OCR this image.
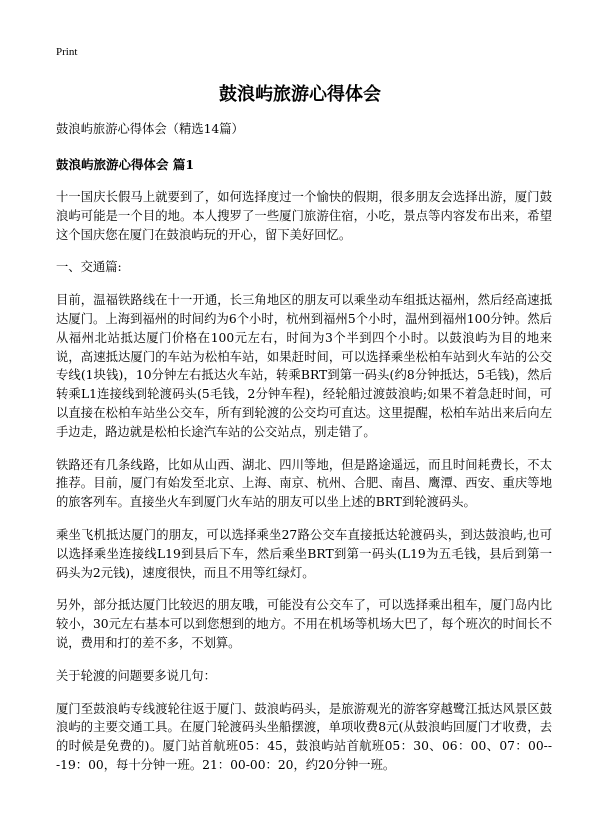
Print
鼓浪屿旅游心得体会

鼓浪屿旅游心得体会（精选14篇）

鼓浪屿旅游心得体会 篇1

十一国庆长假马上就要到了，如何选择度过一个愉快的假期，很多朋友会选择出游，厦门鼓浪屿可能是一个目的地。本人搜罗了一些厦门旅游住宿，小吃，景点等内容发布出来，希望这个国庆您在厦门在鼓浪屿玩的开心，留下美好回忆。

一、交通篇:

目前，温福铁路线在十一开通，长三角地区的朋友可以乘坐动车组抵达福州，然后经高速抵达厦门。上海到福州的时间约为6个小时，杭州到福州5个小时，温州到福州100分钟。然后从福州北站抵达厦门价格在100元左右，时间为3个半到四个小时。以鼓浪屿为目的地来说，高速抵达厦门的车站为松柏车站，如果赶时间，可以选择乘坐松柏车站到火车站的公交专线(1块钱)，10分钟左右抵达火车站，转乘BRT到第一码头(约8分钟抵达，5毛钱)，然后转乘L1连接线到轮渡码头(5毛钱，2分钟车程)，经轮船过渡鼓浪屿;如果不着急赶时间，可以直接在松柏车站坐公交车，所有到轮渡的公交均可直达。这里提醒，松柏车站出来后向左手边走，路边就是松柏长途汽车站的公交站点，别走错了。

铁路还有几条线路，比如从山西、湖北、四川等地，但是路途遥远，而且时间耗费长，不太推荐。目前，厦门有始发至北京、上海、南京、杭州、合肥、南昌、鹰潭、西安、重庆等地的旅客列车。直接坐火车到厦门火车站的朋友可以坐上述的BRT到轮渡码头。

乘坐飞机抵达厦门的朋友，可以选择乘坐27路公交车直接抵达轮渡码头，到达鼓浪屿,也可以选择乘坐连接线L19到县后下车，然后乘坐BRT到第一码头(L19为五毛钱，县后到第一码头为2元钱)，速度很快，而且不用等红绿灯。

另外，部分抵达厦门比较迟的朋友哦，可能没有公交车了，可以选择乘出租车，厦门岛内比较小，30元左右基本可以到您想到的地方。不用在机场等机场大巴了，每个班次的时间长不说，费用和打的差不多，不划算。

关于轮渡的问题要多说几句：

厦门至鼓浪屿专线渡轮往返于厦门、鼓浪屿码头，是旅游观光的游客穿越鹭江抵达风景区鼓浪屿的主要交通工具。在厦门轮渡码头坐船摆渡，单项收费8元(从鼓浪屿回厦门才收费，去的时候是免费的)。厦门站首航班05：45，鼓浪屿站首航班05：30、06：00、07：00---19：00，每十分钟一班。21：00-00：20，约20分钟一班。
